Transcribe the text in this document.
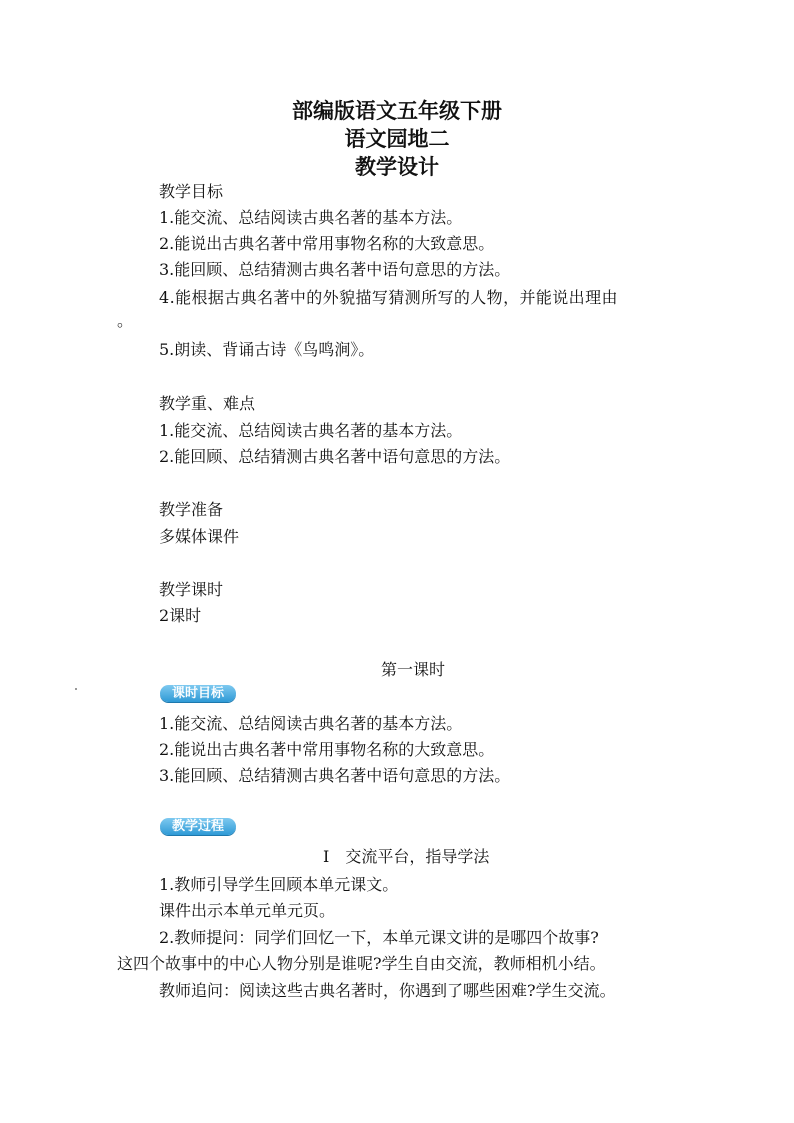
部编版语文五年级下册
语文园地二
教学设计
教学目标
1.能交流、总结阅读古典名著的基本方法。
2.能说出古典名著中常用事物名称的大致意思。
3.能回顾、总结猜测古典名著中语句意思的方法。
4.能根据古典名著中的外貌描写猜测所写的人物，并能说出理由
。
5.朗读、背诵古诗《鸟鸣涧》。
教学重、难点
1.能交流、总结阅读古典名著的基本方法。
2.能回顾、总结猜测古典名著中语句意思的方法。
教学准备
多媒体课件
教学课时
2课时
第一课时
课时目标
1.能交流、总结阅读古典名著的基本方法。
2.能说出古典名著中常用事物名称的大致意思。
3.能回顾、总结猜测古典名著中语句意思的方法。
教学过程
Ⅰ　交流平台，指导学法
1.教师引导学生回顾本单元课文。
课件出示本单元单元页。
2.教师提问：同学们回忆一下，本单元课文讲的是哪四个故事?
这四个故事中的中心人物分别是谁呢?学生自由交流，教师相机小结。
教师追问：阅读这些古典名著时，你遇到了哪些困难?学生交流。
